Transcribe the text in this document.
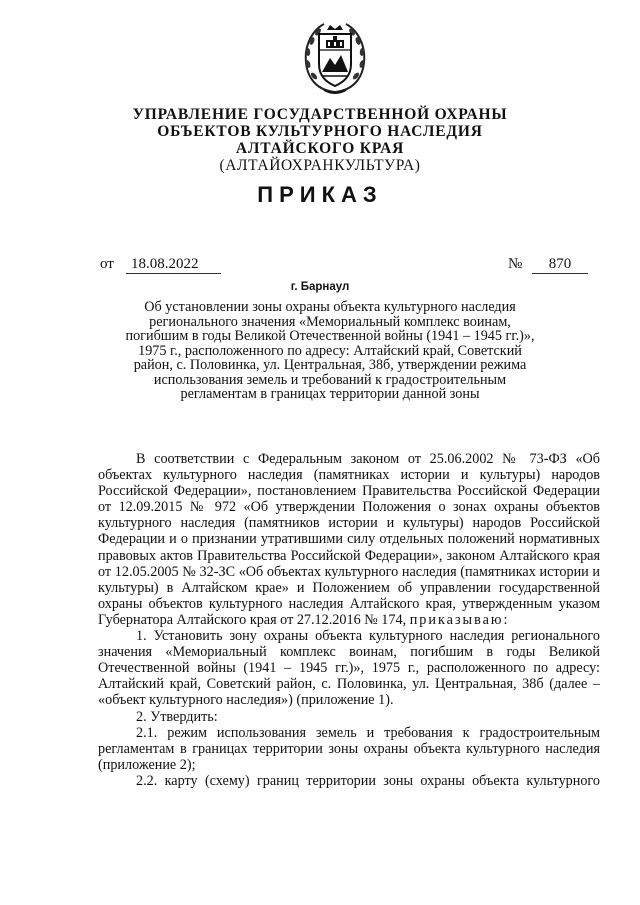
УПРАВЛЕНИЕ ГОСУДАРСТВЕННОЙ ОХРАНЫ
ОБЪЕКТОВ КУЛЬТУРНОГО НАСЛЕДИЯ
АЛТАЙСКОГО КРАЯ
(АЛТАЙОХРАНКУЛЬТУРА)
ПРИКАЗ
от	18.08.2022	№	870
г. Барнаул
Об установлении зоны охраны объекта культурного наследия
регионального значения «Мемориальный комплекс воинам,
погибшим в годы Великой Отечественной войны (1941 – 1945 гг.)»,
1975 г., расположенного по адресу: Алтайский край, Советский
район, с. Половинка, ул. Центральная, 38б, утверждении режима
использования земель и требований к градостроительным
регламентам в границах территории данной зоны

В соответствии с Федеральным законом от 25.06.2002 № 73-ФЗ «Об объектах культурного наследия (памятниках истории и культуры) народов Российской Федерации», постановлением Правительства Российской Федерации от 12.09.2015 № 972 «Об утверждении Положения о зонах охраны объектов культурного наследия (памятников истории и культуры) народов Российской Федерации и о признании утратившими силу отдельных положений нормативных правовых актов Правительства Российской Федерации», законом Алтайского края от 12.05.2005 № 32-ЗС «Об объектах культурного наследия (памятниках истории и культуры) в Алтайском крае» и Положением об управлении государственной охраны объектов культурного наследия Алтайского края, утвержденным указом Губернатора Алтайского края от 27.12.2016 № 174, приказываю:

1. Установить зону охраны объекта культурного наследия регионального значения «Мемориальный комплекс воинам, погибшим в годы Великой Отечественной войны (1941 – 1945 гг.)», 1975 г., расположенного по адресу: Алтайский край, Советский район, с. Половинка, ул. Центральная, 38б (далее – «объект культурного наследия») (приложение 1).

2. Утвердить:

2.1. режим использования земель и требования к градостроительным регламентам в границах территории зоны охраны объекта культурного наследия (приложение 2);

2.2. карту (схему) границ территории зоны охраны объекта культурного
